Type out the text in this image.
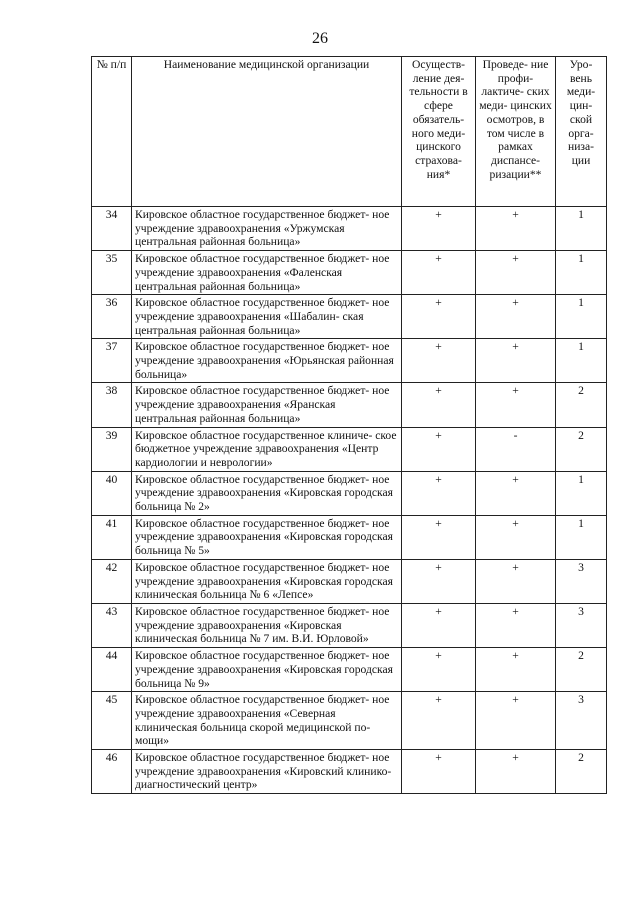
26
№ п/п	Наименование медицинской организации	Осуществ- ление дея- тельности в сфере обязатель- ного меди- цинского страхова- ния*	Проведе- ние профи- лактиче- ских меди- цинских осмотров, в том числе в рамках диспансе- ризации**	Уро- вень меди- цин- ской орга- низа- ции
34	Кировское областное государственное бюджет- ное учреждение здравоохранения «Уржумская центральная районная больница»	+	+	1
35	Кировское областное государственное бюджет- ное учреждение здравоохранения «Фаленская центральная районная больница»	+	+	1
36	Кировское областное государственное бюджет- ное учреждение здравоохранения «Шабалин- ская центральная районная больница»	+	+	1
37	Кировское областное государственное бюджет- ное учреждение здравоохранения «Юрьянская районная больница»	+	+	1
38	Кировское областное государственное бюджет- ное учреждение здравоохранения «Яранская центральная районная больница»	+	+	2
39	Кировское областное государственное клиниче- ское бюджетное учреждение здравоохранения «Центр кардиологии и неврологии»	+	-	2
40	Кировское областное государственное бюджет- ное учреждение здравоохранения «Кировская городская больница № 2»	+	+	1
41	Кировское областное государственное бюджет- ное учреждение здравоохранения «Кировская городская больница № 5»	+	+	1
42	Кировское областное государственное бюджет- ное учреждение здравоохранения «Кировская городская клиническая больница № 6 «Лепсе»	+	+	3
43	Кировское областное государственное бюджет- ное учреждение здравоохранения «Кировская клиническая больница № 7 им. В.И. Юрловой»	+	+	3
44	Кировское областное государственное бюджет- ное учреждение здравоохранения «Кировская городская больница № 9»	+	+	2
45	Кировское областное государственное бюджет- ное учреждение здравоохранения «Северная клиническая больница скорой медицинской по- мощи»	+	+	3
46	Кировское областное государственное бюджет- ное учреждение здравоохранения «Кировский клинико-диагностический центр»	+	+	2
